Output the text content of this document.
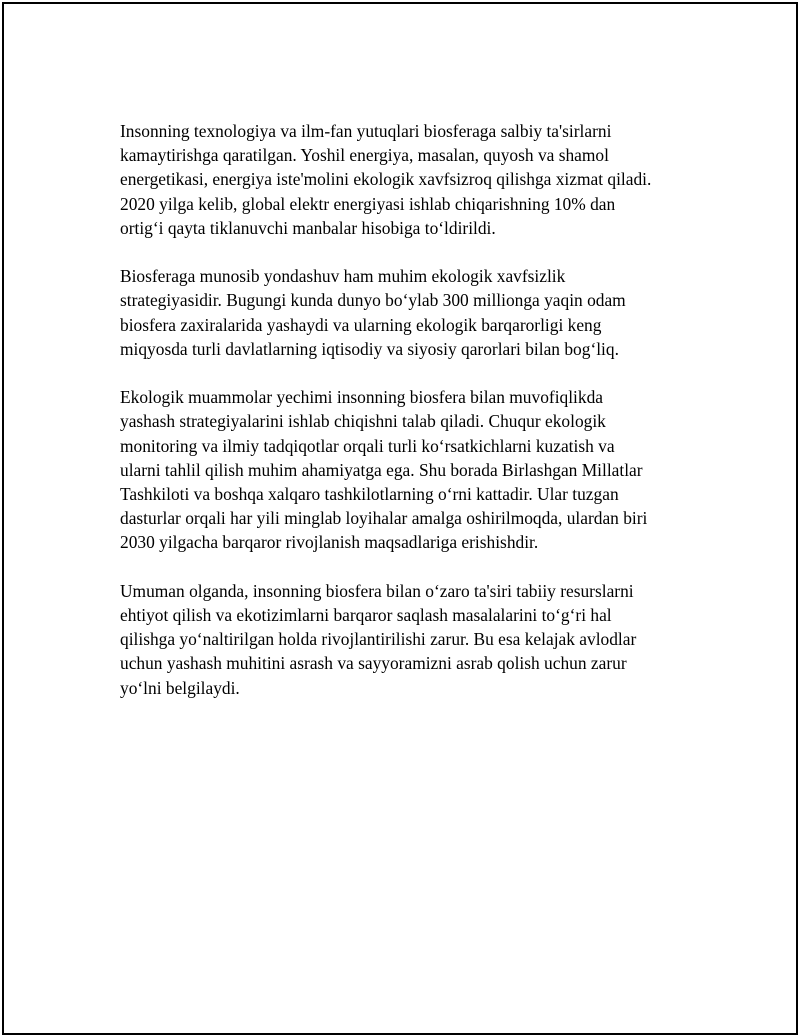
Insonning texnologiya va ilm-fan yutuqlari biosferaga salbiy ta'sirlarni
kamaytirishga qaratilgan. Yoshil energiya, masalan, quyosh va shamol
energetikasi, energiya iste'molini ekologik xavfsizroq qilishga xizmat qiladi.
2020 yilga kelib, global elektr energiyasi ishlab chiqarishning 10% dan
ortig‘i qayta tiklanuvchi manbalar hisobiga to‘ldirildi.

Biosferaga munosib yondashuv ham muhim ekologik xavfsizlik
strategiyasidir. Bugungi kunda dunyo bo‘ylab 300 millionga yaqin odam
biosfera zaxiralarida yashaydi va ularning ekologik barqarorligi keng
miqyosda turli davlatlarning iqtisodiy va siyosiy qarorlari bilan bog‘liq.

Ekologik muammolar yechimi insonning biosfera bilan muvofiqlikda
yashash strategiyalarini ishlab chiqishni talab qiladi. Chuqur ekologik
monitoring va ilmiy tadqiqotlar orqali turli ko‘rsatkichlarni kuzatish va
ularni tahlil qilish muhim ahamiyatga ega. Shu borada Birlashgan Millatlar
Tashkiloti va boshqa xalqaro tashkilotlarning o‘rni kattadir. Ular tuzgan
dasturlar orqali har yili minglab loyihalar amalga oshirilmoqda, ulardan biri
2030 yilgacha barqaror rivojlanish maqsadlariga erishishdir.

Umuman olganda, insonning biosfera bilan o‘zaro ta'siri tabiiy resurslarni
ehtiyot qilish va ekotizimlarni barqaror saqlash masalalarini to‘g‘ri hal
qilishga yo‘naltirilgan holda rivojlantirilishi zarur. Bu esa kelajak avlodlar
uchun yashash muhitini asrash va sayyoramizni asrab qolish uchun zarur
yo‘lni belgilaydi.
